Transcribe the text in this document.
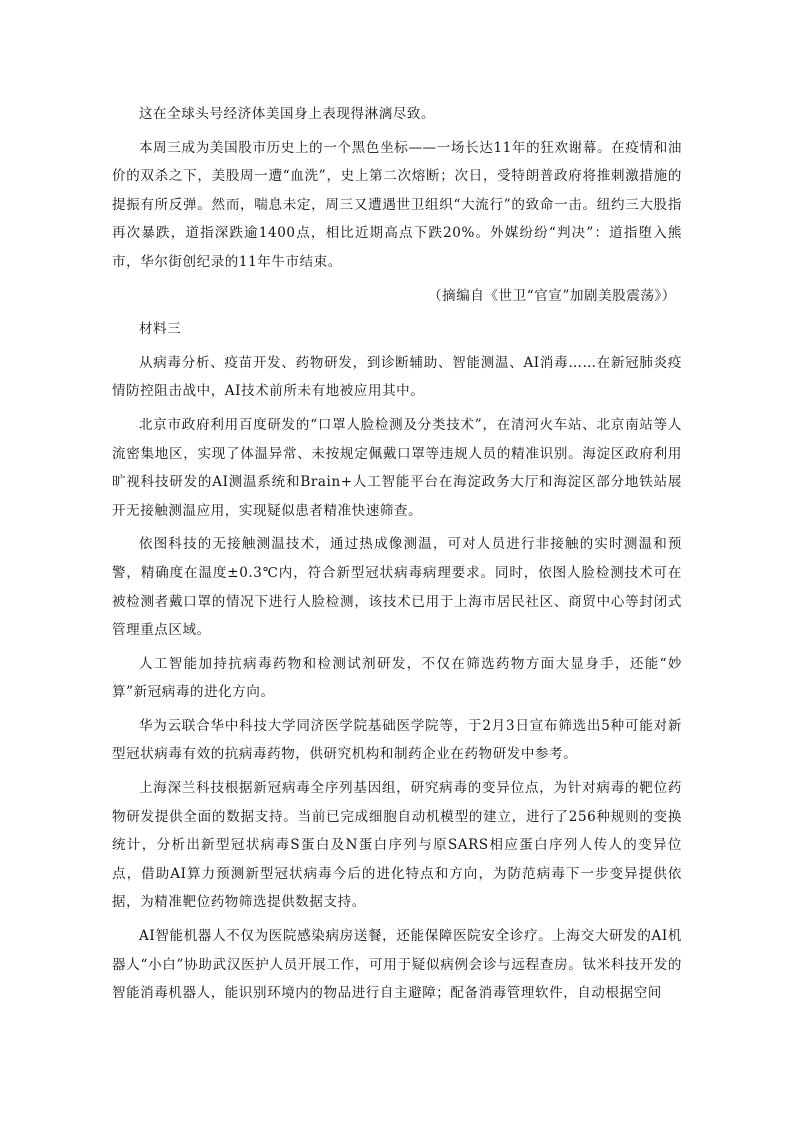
这在全球头号经济体美国身上表现得淋漓尽致。

本周三成为美国股市历史上的一个黑色坐标——一场长达11年的狂欢谢幕。在疫情和油价的双杀之下，美股周一遭“血洗”，史上第二次熔断；次日，受特朗普政府将推刺激措施的提振有所反弹。然而，喘息未定，周三又遭遇世卫组织“大流行”的致命一击。纽约三大股指再次暴跌，道指深跌逾1400点，相比近期高点下跌20%。外媒纷纷“判决”：道指堕入熊市，华尔街创纪录的11年牛市结束。

（摘编自《世卫“官宣”加剧美股震荡》）

材料三

从病毒分析、疫苗开发、药物研发，到诊断辅助、智能测温、AI消毒……在新冠肺炎疫情防控阻击战中，AI技术前所未有地被应用其中。

北京市政府利用百度研发的“口罩人脸检测及分类技术”，在清河火车站、北京南站等人流密集地区，实现了体温异常、未按规定佩戴口罩等违规人员的精准识别。海淀区政府利用旷视科技研发的AI测温系统和Brain+人工智能平台在海淀政务大厅和海淀区部分地铁站展开无接触测温应用，实现疑似患者精准快速筛查。

依图科技的无接触测温技术，通过热成像测温，可对人员进行非接触的实时测温和预警，精确度在温度±0.3℃内，符合新型冠状病毒病理要求。同时，依图人脸检测技术可在被检测者戴口罩的情况下进行人脸检测，该技术已用于上海市居民社区、商贸中心等封闭式管理重点区域。

人工智能加持抗病毒药物和检测试剂研发，不仅在筛选药物方面大显身手，还能“妙算”新冠病毒的进化方向。

华为云联合华中科技大学同济医学院基础医学院等，于2月3日宣布筛选出5种可能对新型冠状病毒有效的抗病毒药物，供研究机构和制药企业在药物研发中参考。

上海深兰科技根据新冠病毒全序列基因组，研究病毒的变异位点，为针对病毒的靶位药物研发提供全面的数据支持。当前已完成细胞自动机模型的建立，进行了256种规则的变换统计，分析出新型冠状病毒S蛋白及N蛋白序列与原SARS相应蛋白序列人传人的变异位点，借助AI算力预测新型冠状病毒今后的进化特点和方向，为防范病毒下一步变异提供依据，为精准靶位药物筛选提供数据支持。

AI智能机器人不仅为医院感染病房送餐，还能保障医院安全诊疗。上海交大研发的AI机器人“小白”协助武汉医护人员开展工作，可用于疑似病例会诊与远程查房。钛米科技开发的智能消毒机器人，能识别环境内的物品进行自主避障；配备消毒管理软件，自动根据空间
